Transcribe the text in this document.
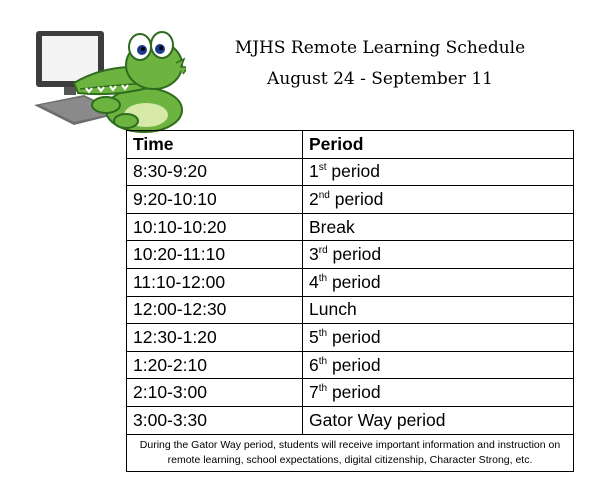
MJHS Remote Learning Schedule
August 24 - September 11
Time	Period
8:30-9:20	1st period
9:20-10:10	2nd period
10:10-10:20	Break
10:20-11:10	3rd period
11:10-12:00	4th period
12:00-12:30	Lunch
12:30-1:20	5th period
1:20-2:10	6th period
2:10-3:00	7th period
3:00-3:30	Gator Way period
During the Gator Way period, students will receive important information and instruction on remote learning, school expectations, digital citizenship, Character Strong, etc.	
